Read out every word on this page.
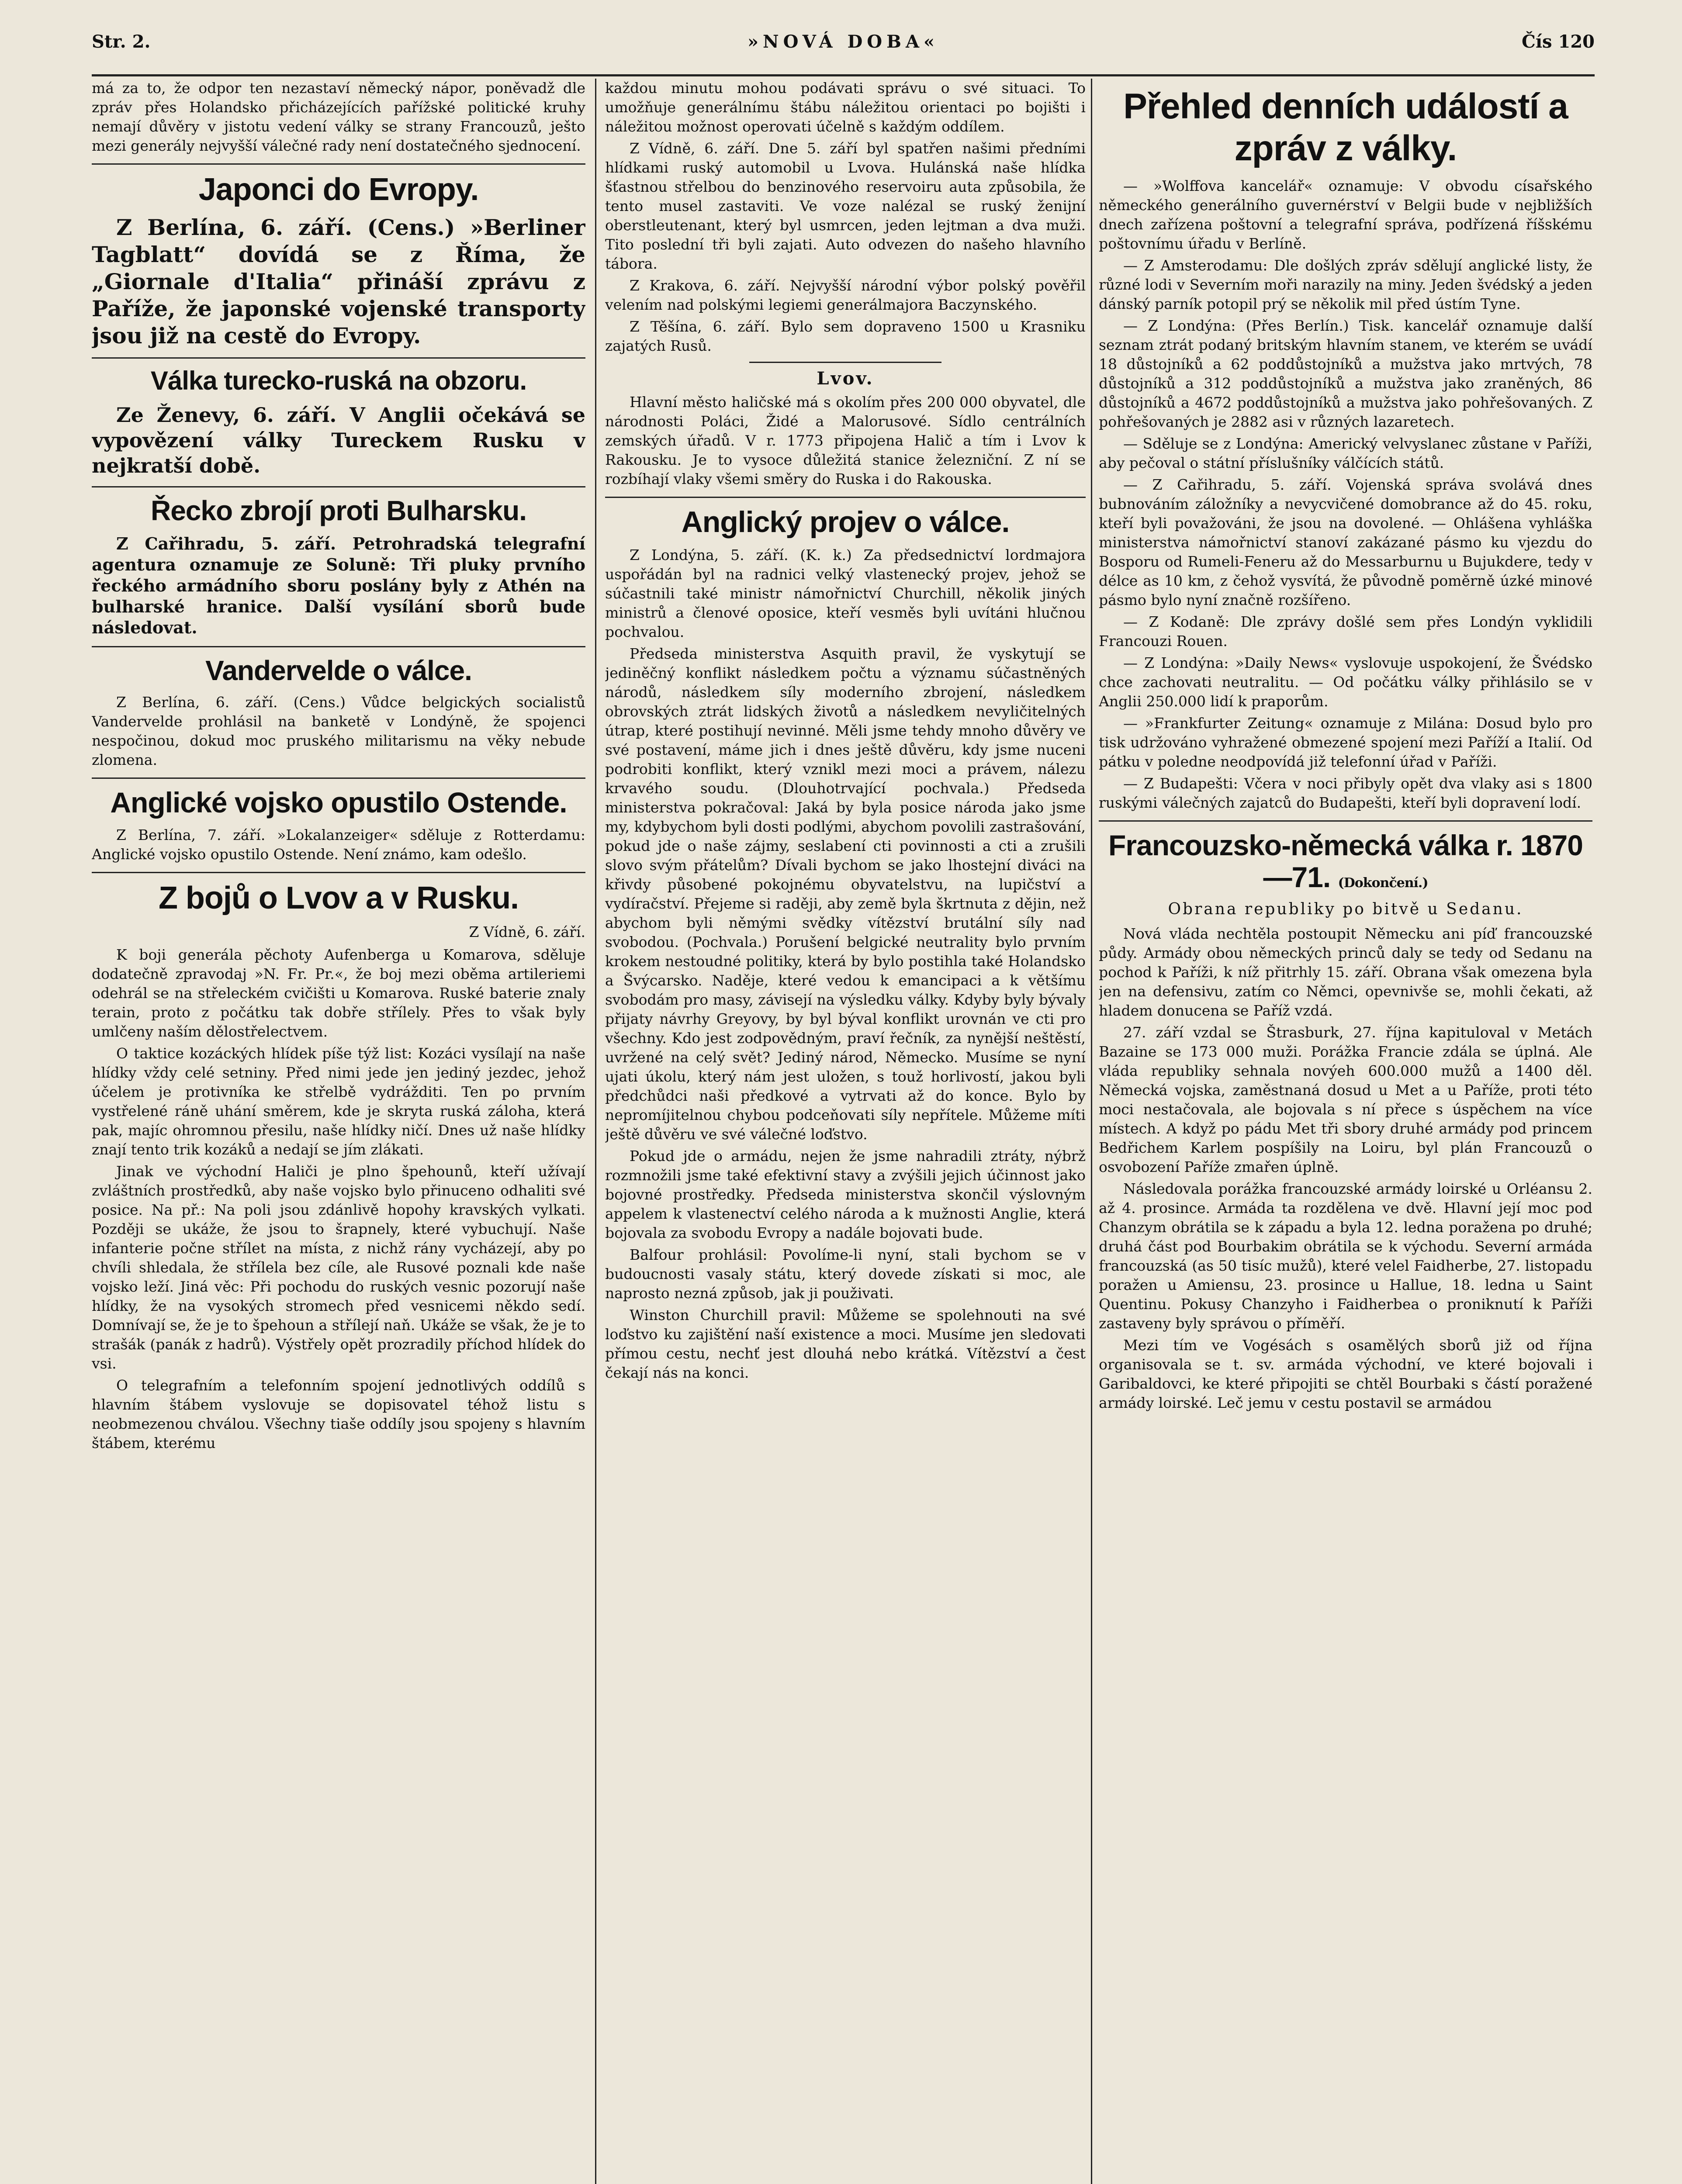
Str. 2.	»NOVÁ DOBA«	Čís 120

má za to, že odpor ten nezastaví německý nápor, poněvadž dle zpráv přes Holandsko přicházejících pařížské politické kruhy nemají důvěry v jistotu vedení války se strany Francouzů, ješto mezi generály nejvyšší válečné rady není dostatečného sjednocení.

Japonci do Evropy.

Z Berlína, 6. září. (Cens.) »Berliner Tagblatt“ dovídá se z Říma, že „Giornale d'Italia“ přináší zprávu z Paříže, že japonské vojenské transporty jsou již na cestě do Evropy.

Válka turecko-ruská na obzoru.

Ze Ženevy, 6. září. V Anglii očekává se vypovězení války Tureckem Rusku v nejkratší době.

Řecko zbrojí proti Bulharsku.

Z Cařihradu, 5. září. Petrohradská telegrafní agentura oznamuje ze Soluně: Tři pluky prvního řeckého armádního sboru poslány byly z Athén na bulharské hranice. Další vysílání sborů bude následovat.

Vandervelde o válce.

Z Berlína, 6. září. (Cens.) Vůdce belgických socialistů Vandervelde prohlásil na banketě v Londýně, že spojenci nespočinou, dokud moc pruského militarismu na věky nebude zlomena.

Anglické vojsko opustilo Ostende.

Z Berlína, 7. září. »Lokalanzeiger« sděluje z Rotterdamu: Anglické vojsko opustilo Ostende. Není známo, kam odešlo.

Z bojů o Lvov a v Rusku.

Z Vídně, 6. září.

K boji generála pěchoty Aufenberga u Komarova, sděluje dodatečně zpravodaj »N. Fr. Pr.«, že boj mezi oběma artileriemi odehrál se na střeleckém cvičišti u Komarova. Ruské baterie znaly terain, proto z počátku tak dobře střílely. Přes to však byly umlčeny naším dělostřelectvem.

O taktice kozáckých hlídek píše týž list: Kozáci vysílají na naše hlídky vždy celé setniny. Před nimi jede jen jediný jezdec, jehož účelem je protivníka ke střelbě vydrážditi. Ten po prvním vystřelené ráně uhání směrem, kde je skryta ruská záloha, která pak, majíc ohromnou přesilu, naše hlídky ničí. Dnes už naše hlídky znají tento trik kozáků a nedají se jím zlákati.

Jinak ve východní Haliči je plno špehounů, kteří užívají zvláštních prostředků, aby naše vojsko bylo přinuceno odhaliti své posice. Na př.: Na poli jsou zdánlivě hopohy kravských vylkati. Později se ukáže, že jsou to šrapnely, které vybuchují. Naše infanterie počne střílet na místa, z nichž rány vycházejí, aby po chvíli shledala, že střílela bez cíle, ale Rusové poznali kde naše vojsko leží. Jiná věc: Při pochodu do ruských vesnic pozorují naše hlídky, že na vysokých stromech před vesnicemi někdo sedí. Domnívají se, že je to špehoun a střílejí naň. Ukáže se však, že je to strašák (panák z hadrů). Výstřely opět prozradily příchod hlídek do vsi.

O telegrafním a telefonním spojení jednotlivých oddílů s hlavním štábem vyslovuje se dopisovatel téhož listu s neobmezenou chválou. Všechny tiaše oddíly jsou spojeny s hlavním štábem, kterému

každou minutu mohou podávati správu o své situaci. To umožňuje generálnímu štábu náležitou orientaci po bojišti i náležitou možnost operovati účelně s každým oddílem.

Z Vídně, 6. září. Dne 5. září byl spatřen našimi předními hlídkami ruský automobil u Lvova. Hulánská naše hlídka šťastnou střelbou do benzinového reservoiru auta způsobila, že tento musel zastaviti. Ve voze nalézal se ruský ženijní oberstleutenant, který byl usmrcen, jeden lejtman a dva muži. Tito poslední tři byli zajati. Auto odvezen do našeho hlavního tábora.

Z Krakova, 6. září. Nejvyšší národní výbor polský pověřil velením nad polskými legiemi generálmajora Baczynského.

Z Těšína, 6. září. Bylo sem dopraveno 1500 u Krasniku zajatých Rusů.

Lvov.

Hlavní město haličské má s okolím přes 200 000 obyvatel, dle národnosti Poláci, Židé a Malorusové. Sídlo centrálních zemských úřadů. V r. 1773 připojena Halič a tím i Lvov k Rakousku. Je to vysoce důležitá stanice železniční. Z ní se rozbíhají vlaky všemi směry do Ruska i do Rakouska.

Anglický projev o válce.

Z Londýna, 5. září. (K. k.) Za předsednictví lordmajora uspořádán byl na radnici velký vlastenecký projev, jehož se súčastnili také ministr námořnictví Churchill, několik jiných ministrů a členové oposice, kteří vesměs byli uvítáni hlučnou pochvalou.

Předseda ministerstva Asquith pravil, že vyskytují se jediněčný konflikt následkem počtu a významu súčastněných národů, následkem síly moderního zbrojení, následkem obrovských ztrát lidských životů a následkem nevyličitelných útrap, které postihují nevinné. Měli jsme tehdy mnoho důvěry ve své postavení, máme jich i dnes ještě důvěru, kdy jsme nuceni podrobiti konflikt, který vznikl mezi moci a právem, nálezu krvavého soudu. (Dlouhotrvající pochvala.) Předseda ministerstva pokračoval: Jaká by byla posice národa jako jsme my, kdybychom byli dosti podlými, abychom povolili zastrašování, pokud jde o naše zájmy, seslabení cti povinnosti a cti a zrušili slovo svým přátelům? Dívali bychom se jako lhostejní diváci na křivdy působené pokojnému obyvatelstvu, na lupičství a vydíračství. Přejeme si raději, aby země byla škrtnuta z dějin, než abychom byli němými svědky vítězství brutální síly nad svobodou. (Pochvala.) Porušení belgické neutrality bylo prvním krokem nestoudné politiky, která by bylo postihla také Holandsko a Švýcarsko. Naděje, které vedou k emancipaci a k většímu svobodám pro masy, závisejí na výsledku války. Kdyby byly bývaly přijaty návrhy Greyovy, by byl býval konflikt urovnán ve cti pro všechny. Kdo jest zodpovědným, praví řečník, za nynější neštěstí, uvržené na celý svět? Jediný národ, Německo. Musíme se nyní ujati úkolu, který nám jest uložen, s touž horlivostí, jakou byli předchůdci naši předkové a vytrvati až do konce. Bylo by nepromíjitelnou chybou podceňovati síly nepřítele. Můžeme míti ještě důvěru ve své válečné loďstvo.

Pokud jde o armádu, nejen že jsme nahradili ztráty, nýbrž rozmnožili jsme také efektivní stavy a zvýšili jejich účinnost jako bojovné prostředky. Předseda ministerstva skončil výslovným appelem k vlastenectví celého národa a k mužnosti Anglie, která bojovala za svobodu Evropy a nadále bojovati bude.

Balfour prohlásil: Povolíme-li nyní, stali bychom se v budoucnosti vasaly státu, který dovede získati si moc, ale naprosto nezná způsob, jak ji použivati.

Winston Churchill pravil: Můžeme se spolehnouti na své loďstvo ku zajištění naší existence a moci. Musíme jen sledovati přímou cestu, nechť jest dlouhá nebo krátká. Vítězství a čest čekají nás na konci.

Přehled denních událostí a zpráv z války.

— »Wolffova kancelář« oznamuje: V obvodu císařského německého generálního guvernérství v Belgii bude v nejbližších dnech zařízena poštovní a telegrafní správa, podřízená říšskému poštovnímu úřadu v Berlíně.

— Z Amsterodamu: Dle došlých zpráv sdělují anglické listy, že různé lodi v Severním moři narazily na miny. Jeden švédský a jeden dánský parník potopil prý se několik mil před ústím Tyne.

— Z Londýna: (Přes Berlín.) Tisk. kancelář oznamuje další seznam ztrát podaný britským hlavním stanem, ve kterém se uvádí 18 důstojníků a 62 poddůstojníků a mužstva jako mrtvých, 78 důstojníků a 312 poddůstojníků a mužstva jako zraněných, 86 důstojníků a 4672 poddůstojníků a mužstva jako pohřešovaných. Z pohřešovaných je 2882 asi v různých lazaretech.

— Sděluje se z Londýna: Americký velvyslanec zůstane v Paříži, aby pečoval o státní příslušníky válčících států.

— Z Cařihradu, 5. září. Vojenská správa svolává dnes bubnováním záložníky a nevycvičené domobrance až do 45. roku, kteří byli považováni, že jsou na dovolené. — Ohlášena vyhláška ministerstva námořnictví stanoví zakázané pásmo ku vjezdu do Bosporu od Rumeli-Feneru až do Messarburnu u Bujukdere, tedy v délce as 10 km, z čehož vysvítá, že původně poměrně úzké minové pásmo bylo nyní značně rozšířeno.

— Z Kodaně: Dle zprávy došlé sem přes Londýn vyklidili Francouzi Rouen.

— Z Londýna: »Daily News« vyslovuje uspokojení, že Švédsko chce zachovati neutralitu. — Od počátku války přihlásilo se v Anglii 250.000 lidí k praporům.

— »Frankfurter Zeitung« oznamuje z Milána: Dosud bylo pro tisk udržováno vyhražené obmezené spojení mezi Paříží a Italií. Od pátku v poledne neodpovídá již telefonní úřad v Paříži.

— Z Budapešti: Včera v noci přibyly opět dva vlaky asi s 1800 ruskými válečných zajatců do Budapešti, kteří byli dopravení lodí.

Francouzsko-německá válka r. 1870—71. (Dokončení.)
Obrana republiky po bitvě u Sedanu.

Nová vláda nechtěla postoupit Německu ani píď francouzské půdy. Armády obou německých princů daly se tedy od Sedanu na pochod k Paříži, k níž přitrhly 15. září. Obrana však omezena byla jen na defensivu, zatím co Němci, opevnivše se, mohli čekati, až hladem donucena se Paříž vzdá.

27. září vzdal se Štrasburk, 27. října kapituloval v Metách Bazaine se 173 000 muži. Porážka Francie zdála se úplná. Ale vláda republiky sehnala novýeh 600.000 mužů a 1400 děl. Německá vojska, zaměstnaná dosud u Met a u Paříže, proti této moci nestačovala, ale bojovala s ní přece s úspěchem na více místech. A když po pádu Met tři sbory druhé armády pod princem Bedřichem Karlem pospíšily na Loiru, byl plán Francouzů o osvobození Paříže zmařen úplně.

Následovala porážka francouzské armády loirské u Orléansu 2. až 4. prosince. Armáda ta rozdělena ve dvě. Hlavní její moc pod Chanzym obrátila se k západu a byla 12. ledna poražena po druhé; druhá část pod Bourbakim obrátila se k východu. Severní armáda francouzská (as 50 tisíc mužů), které velel Faidherbe, 27. listopadu poražen u Amiensu, 23. prosince u Hallue, 18. ledna u Saint Quentinu. Pokusy Chanzyho i Faidherbea o proniknutí k Paříži zastaveny byly správou o příměří.

Mezi tím ve Vogésách s osamělých sborů již od října organisovala se t. sv. armáda východní, ve které bojovali i Garibaldovci, ke které připojiti se chtěl Bourbaki s částí poražené armády loirské. Leč jemu v cestu postavil se armádou
